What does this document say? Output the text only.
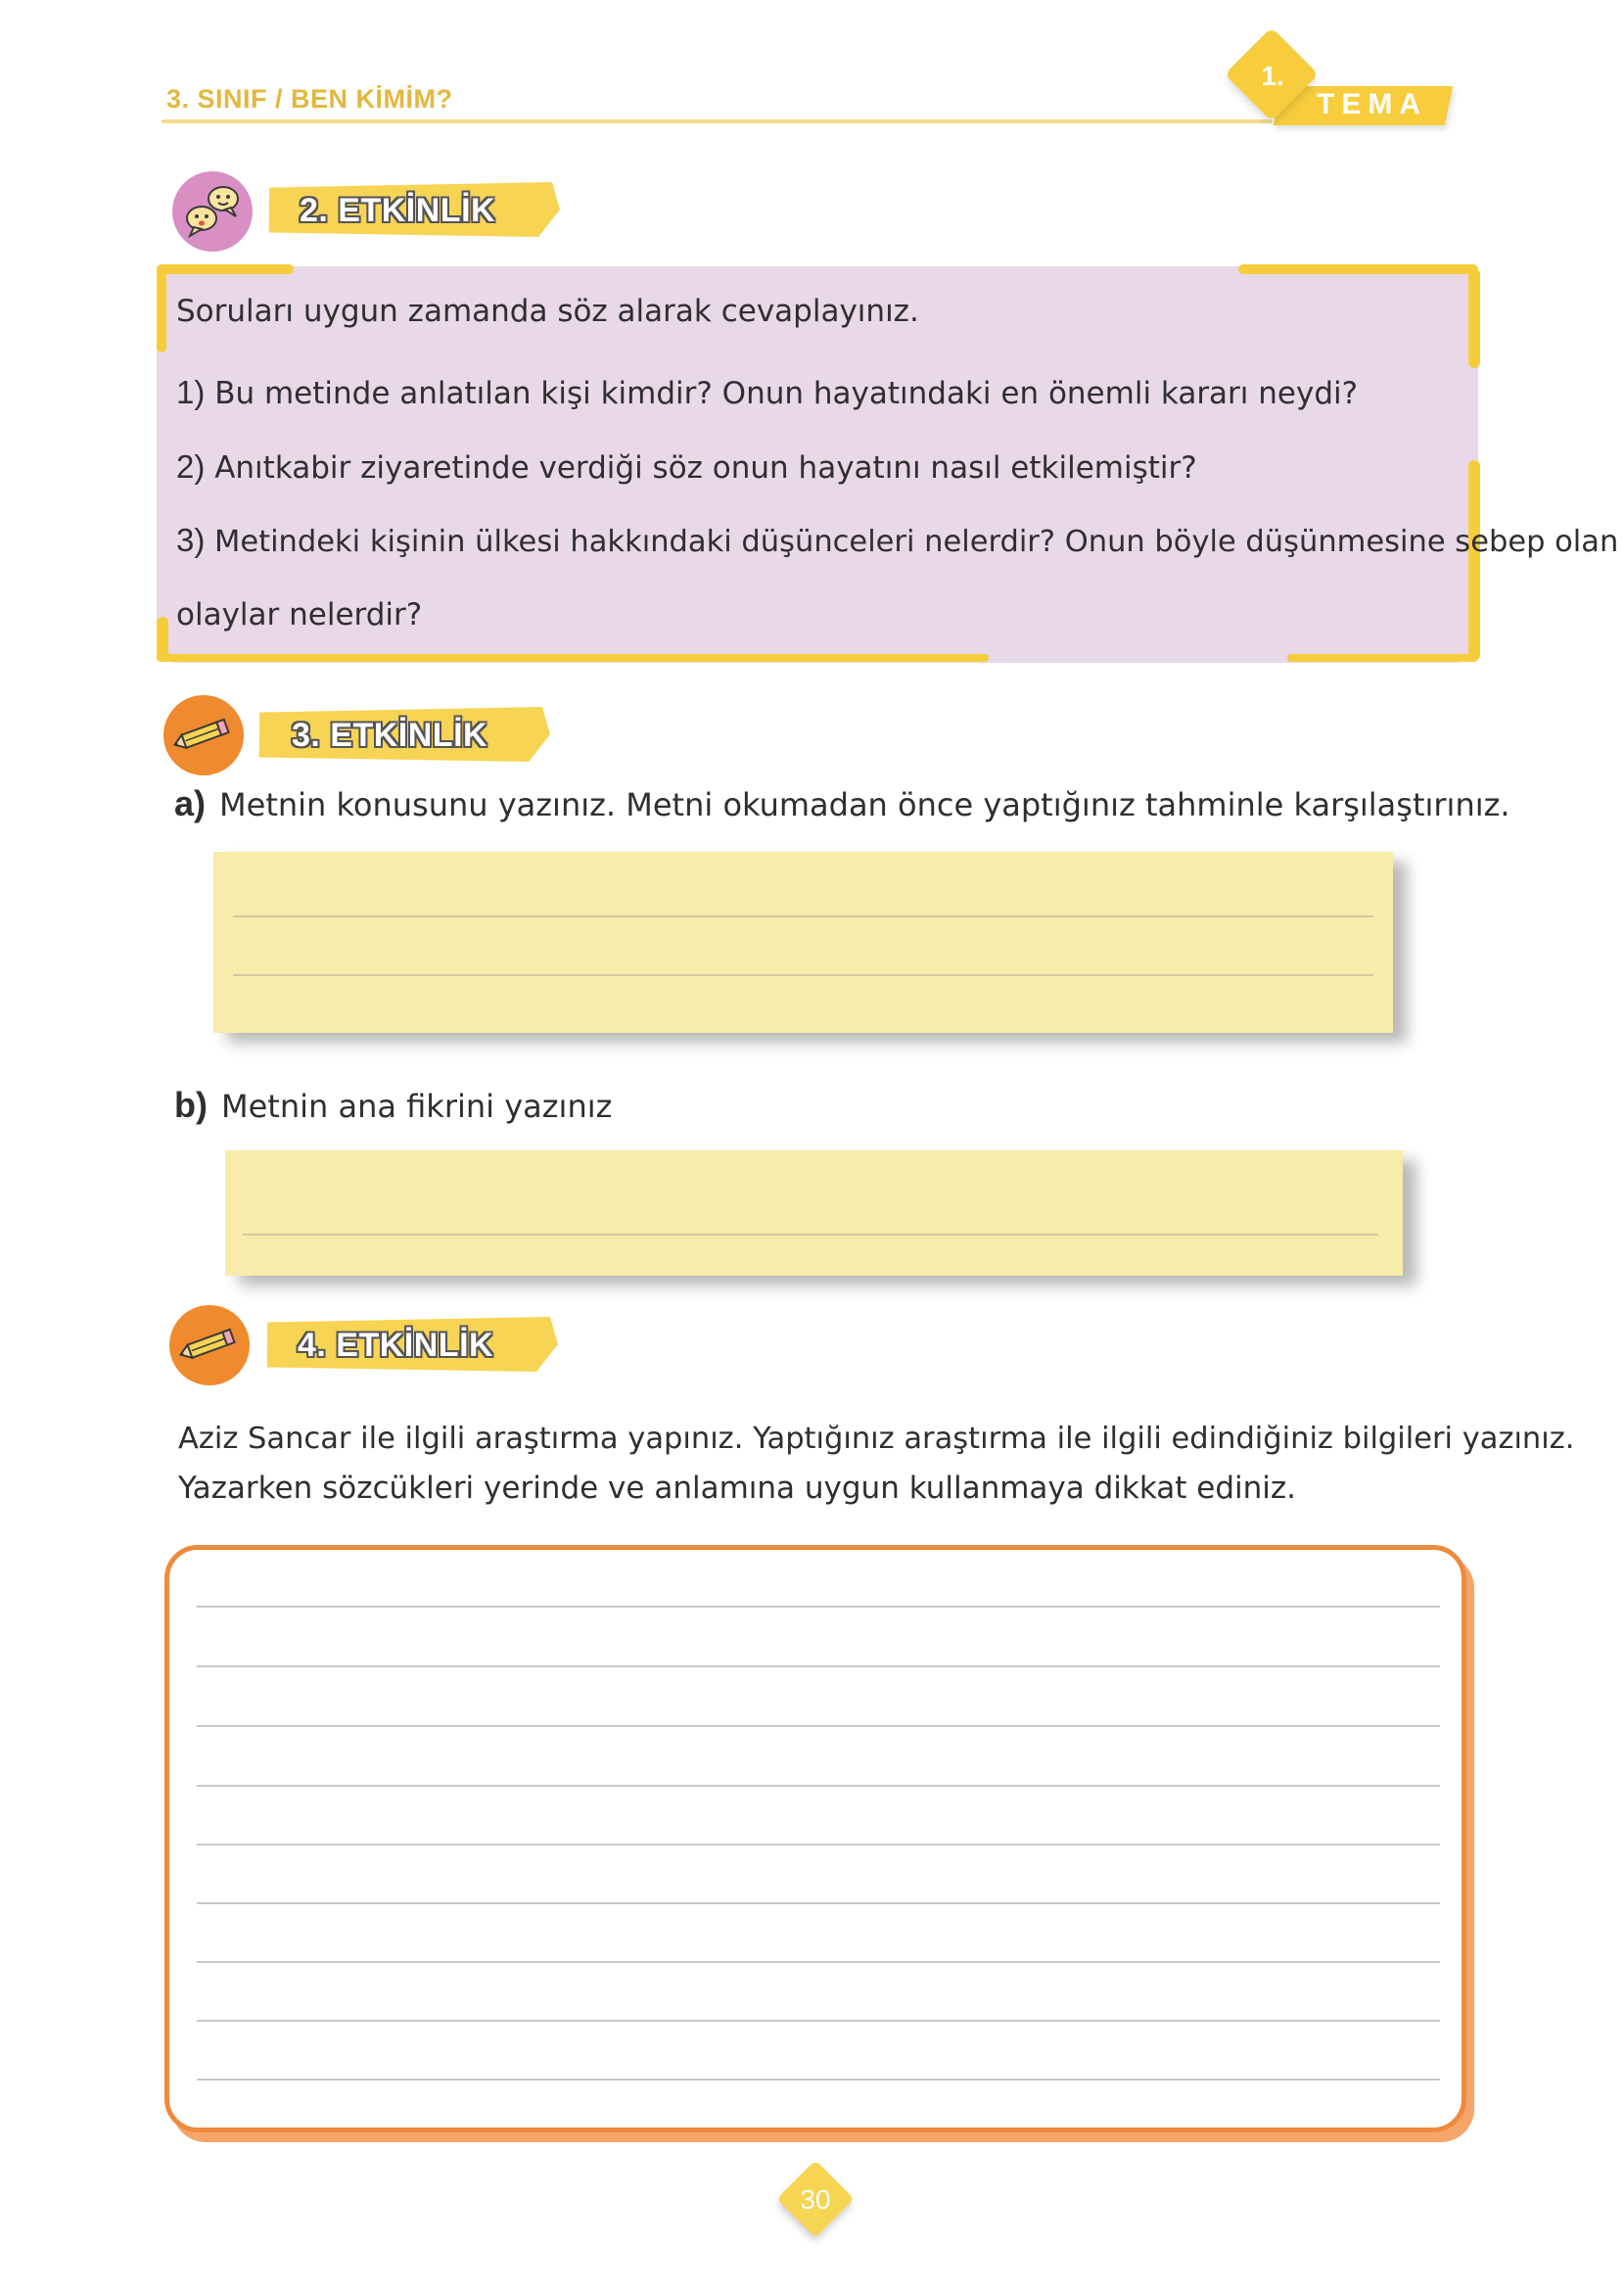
3. SINIF / BEN KİMİM?	TEMA
1.
2. ETKİNLİK
Soruları uygun zamanda söz alarak cevaplayınız.
1) Bu metinde anlatılan kişi kimdir? Onun hayatındaki en önemli kararı neydi?
2) Anıtkabir ziyaretinde verdiği söz onun hayatını nasıl etkilemiştir?
3) Metindeki kişinin ülkesi hakkındaki düşünceleri nelerdir? Onun böyle düşünmesine sebep olan
olaylar nelerdir?
3. ETKİNLİK
a) Metnin konusunu yazınız. Metni okumadan önce yaptığınız tahminle karşılaştırınız.
b) Metnin ana fikrini yazınız
4. ETKİNLİK
Aziz Sancar ile ilgili araştırma yapınız. Yaptığınız araştırma ile ilgili edindiğiniz bilgileri yazınız.
Yazarken sözcükleri yerinde ve anlamına uygun kullanmaya dikkat ediniz.
30
